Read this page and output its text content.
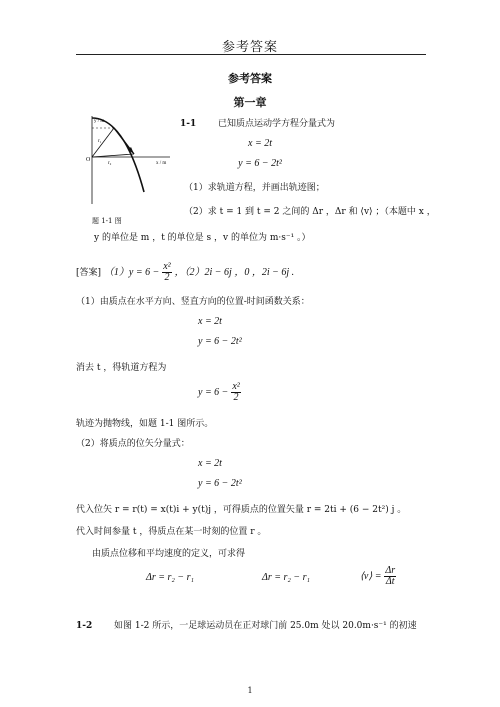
参考答案
参考答案
第一章
y / m
O
x / m
r₁
r₂
题 1-1 图
1-1 已知质点运动学方程分量式为
x = 2t
y = 6 − 2t²
（1）求轨道方程，并画出轨迹图；
（2）求 t = 1 到 t = 2 之间的 Δr ，Δr 和 ⟨v⟩ ；（本题中 x ，
y 的单位是 m ，t 的单位是 s ，v 的单位为 m·s⁻¹ 。）
[答案] $(1)y = 6 - \frac{\text{x²}}{2}$ ，（2）2i − 6j ，0 ，2i − 6j .
（1）由质点在水平方向、竖直方向的位置-时间函数关系：
x = 2t
y = 6 − 2t²
消去 t ，得轨道方程为
$y = 6 - \frac{\text{x²}}{2}$
轨迹为抛物线，如题 1-1 图所示。
（2）将质点的位矢分量式：
x = 2t
y = 6 − 2t²
代入位矢 r = r(t) = x(t)i + y(t)j ，可得质点的位置矢量 r = 2ti + (6 − 2t²) j 。
代入时间参量 t ，得质点在某一时刻的位置 r 。
由质点位移和平均速度的定义，可求得
Δr = r₂ − r₁	Δr = r₂ − r₁	⟨v⟩ = $\frac{\Delta r}{\Delta t}$
1-2 如图 1-2 所示，一足球运动员在正对球门前 25.0m 处以 20.0m·s⁻¹ 的初速
1
